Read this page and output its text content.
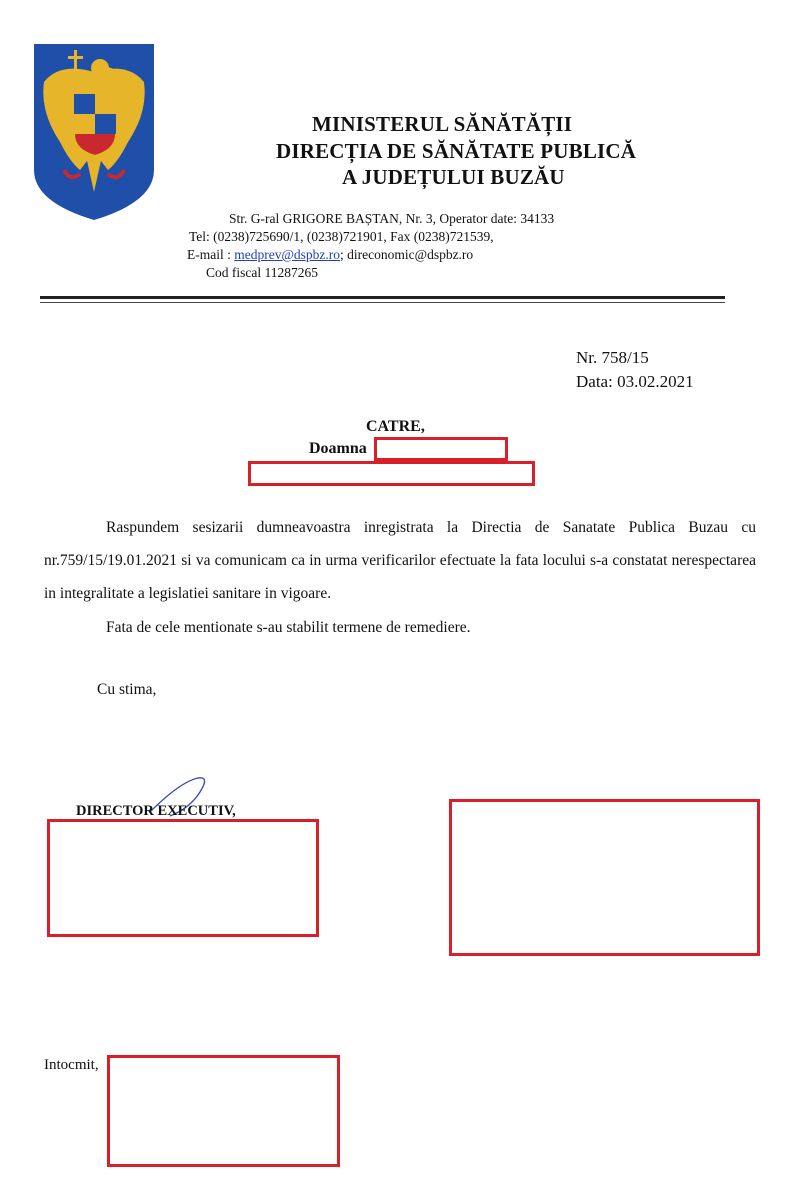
MINISTERUL SĂNĂTĂȚII
DIRECȚIA DE SĂNĂTATE PUBLICĂ
A JUDEȚULUI BUZĂU
Str. G-ral GRIGORE BAȘTAN, Nr. 3, Operator date: 34133
Tel: (0238)725690/1, (0238)721901, Fax (0238)721539,
E-mail : medprev@dspbz.ro; direconomic@dspbz.ro
Cod fiscal 11287265
Nr. 758/15
Data: 03.02.2021
CATRE,
Doamna
Raspundem sesizarii dumneavoastra inregistrata la Directia de Sanatate Publica Buzau cu nr.759/15/19.01.2021 si va comunicam ca in urma verificarilor efectuate la fata locului s-a constatat nerespectarea in integralitate a legislatiei sanitare in vigoare.
Fata de cele mentionate s-au stabilit termene de remediere.
Cu stima,
DIRECTOR EXECUTIV,
Intocmit,
